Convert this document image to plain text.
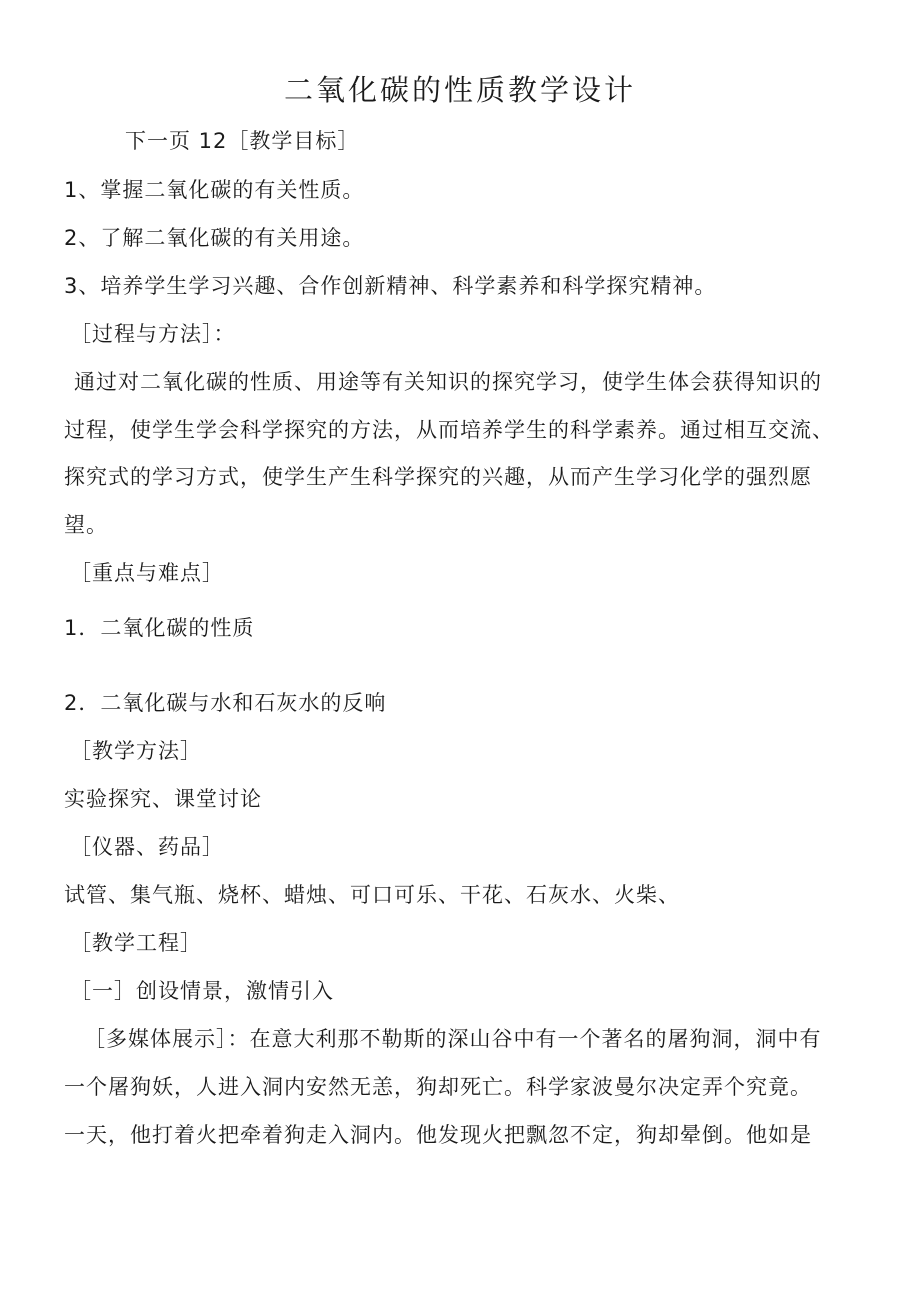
二氧化碳的性质教学设计
下一页 12［教学目标］
1、掌握二氧化碳的有关性质。
2、了解二氧化碳的有关用途。
3、培养学生学习兴趣、合作创新精神、科学素养和科学探究精神。
［过程与方法］：
通过对二氧化碳的性质、用途等有关知识的探究学习，使学生体会获得知识的
过程，使学生学会科学探究的方法，从而培养学生的科学素养。通过相互交流、
探究式的学习方式，使学生产生科学探究的兴趣，从而产生学习化学的强烈愿
望。
［重点与难点］
1．二氧化碳的性质
2．二氧化碳与水和石灰水的反响
［教学方法］
实验探究、课堂讨论
［仪器、药品］
试管、集气瓶、烧杯、蜡烛、可口可乐、干花、石灰水、火柴、
［教学工程］
［一］创设情景，激情引入
［多媒体展示］：在意大利那不勒斯的深山谷中有一个著名的屠狗洞，洞中有
一个屠狗妖，人进入洞内安然无恙，狗却死亡。科学家波曼尔决定弄个究竟。
一天，他打着火把牵着狗走入洞内。他发现火把飘忽不定，狗却晕倒。他如是
